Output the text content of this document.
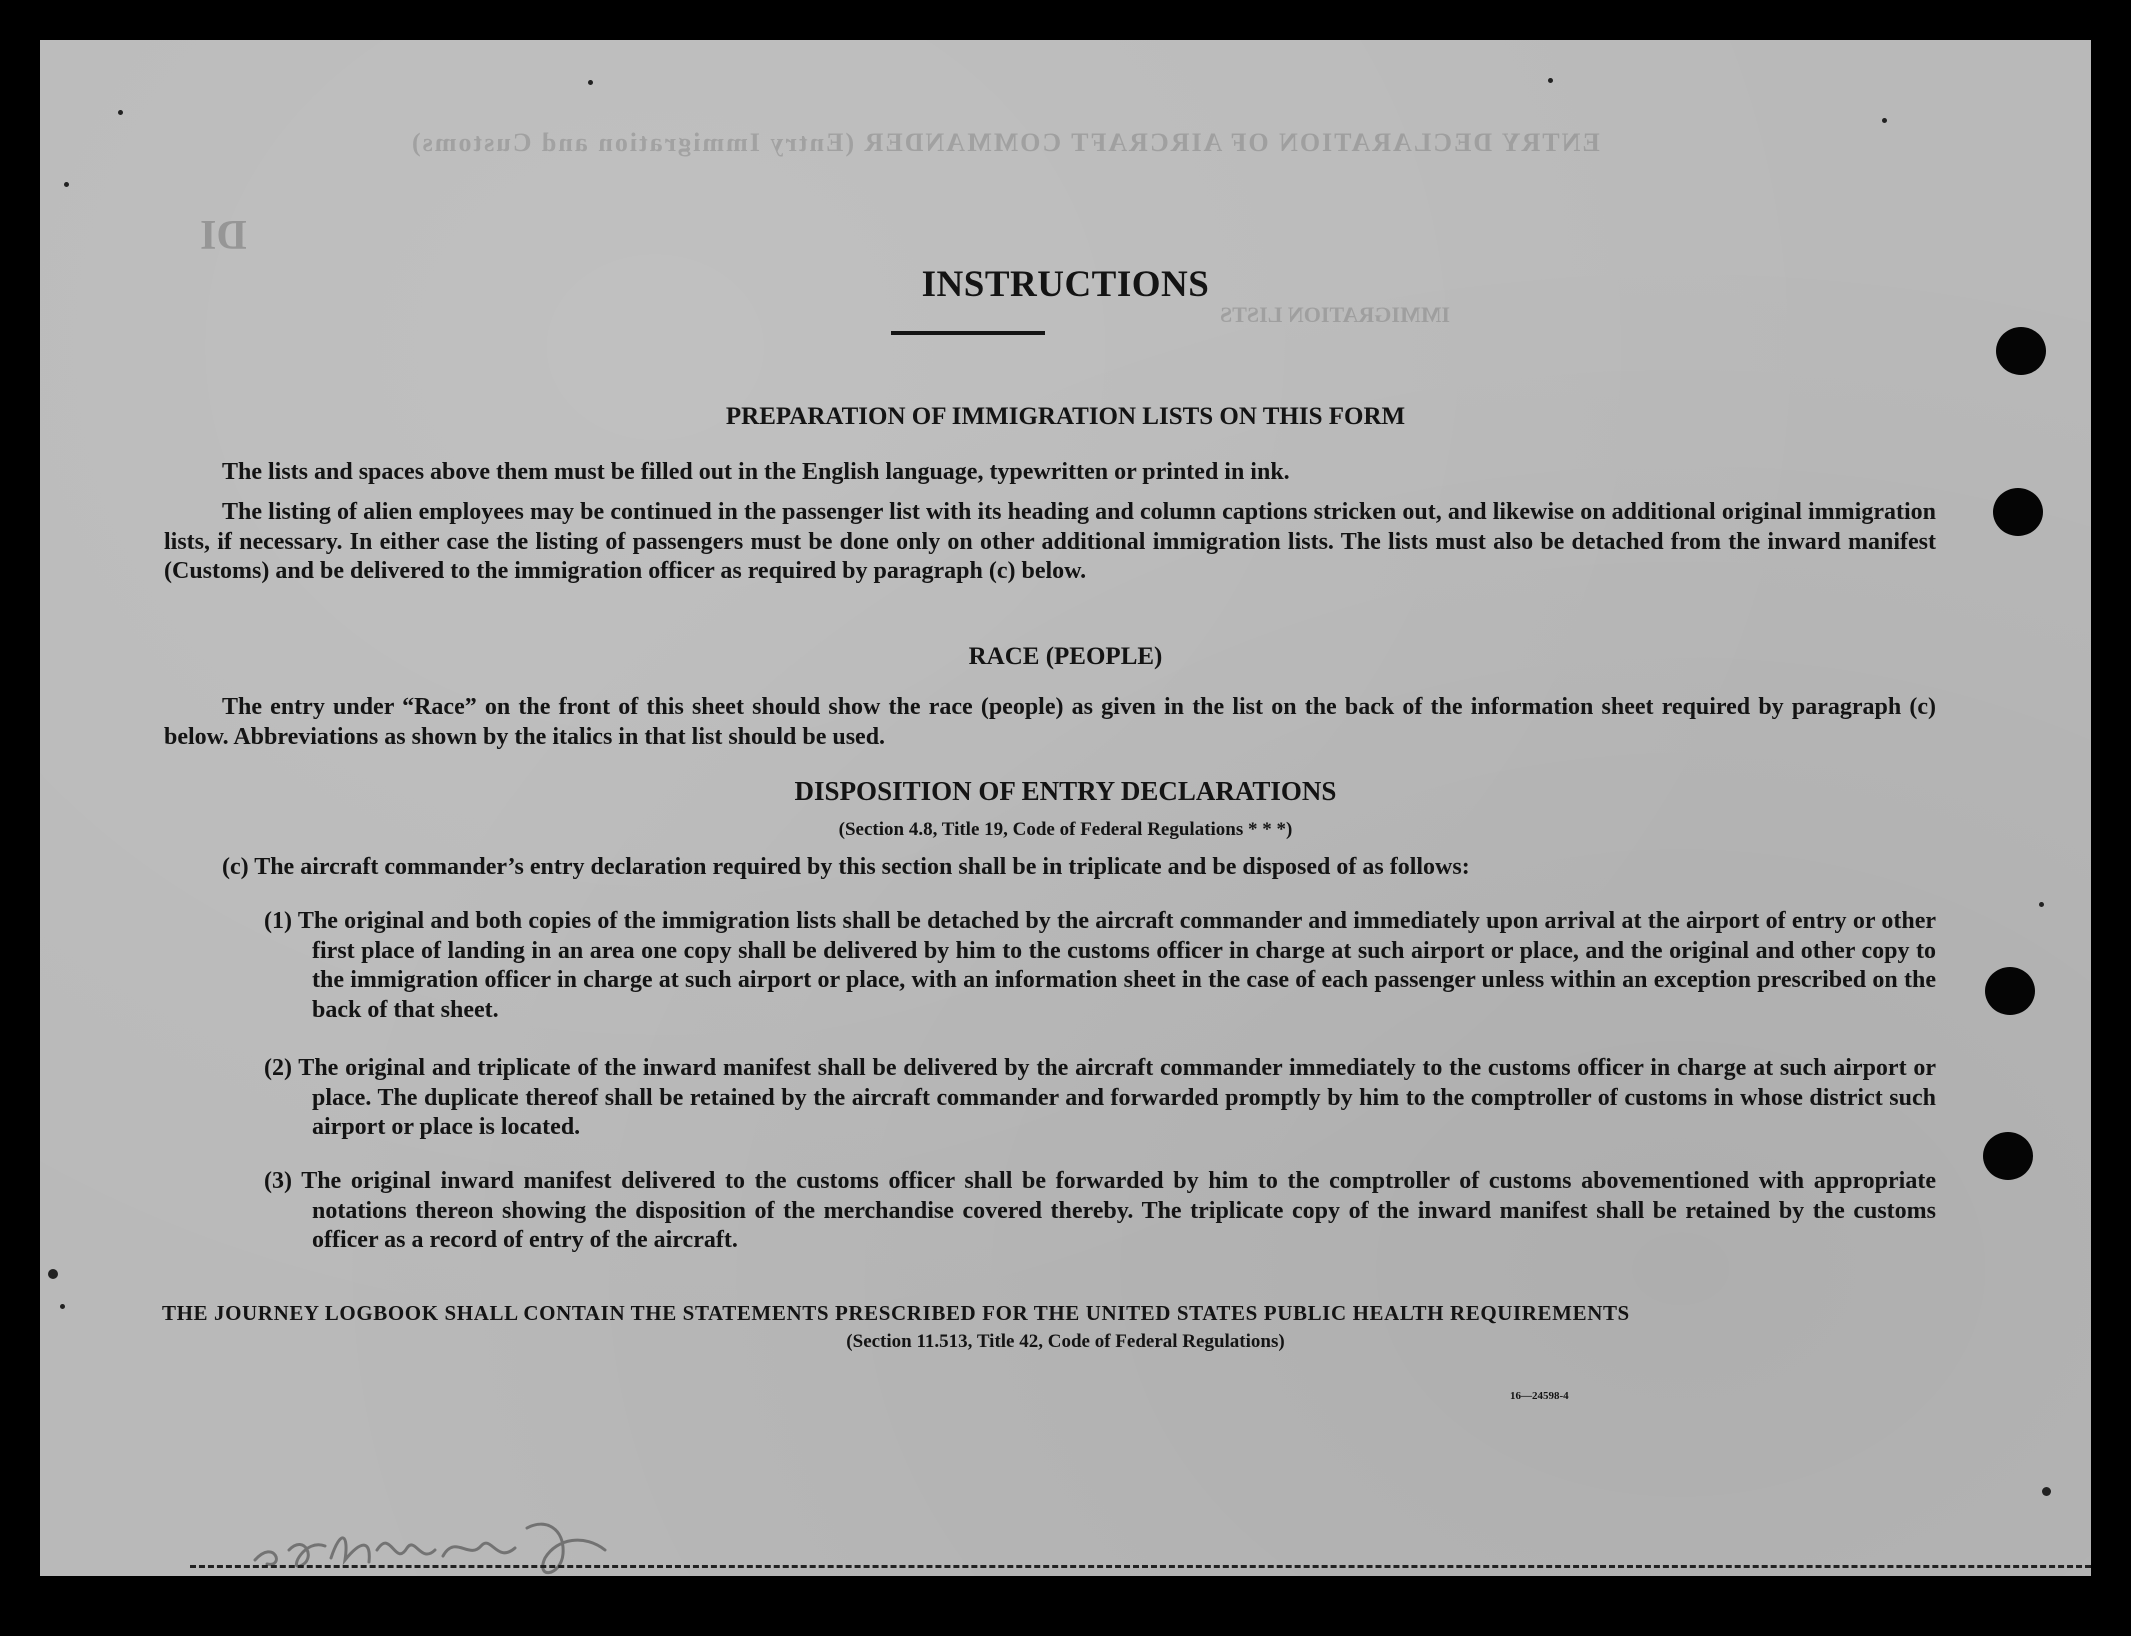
ENTRY DECLARATION OF AIRCRAFT COMMANDER (Entry Immigration and Customs)
IMMIGRATION LISTS
DI
INSTRUCTIONS

PREPARATION OF IMMIGRATION LISTS ON THIS FORM

The lists and spaces above them must be filled out in the English language, typewritten or printed in ink.

The listing of alien employees may be continued in the passenger list with its heading and column captions stricken out, and likewise on additional original immigration lists, if necessary. In either case the listing of passengers must be done only on other additional immigration lists. The lists must also be detached from the inward manifest (Customs) and be delivered to the immigration officer as required by paragraph (c) below.

RACE (PEOPLE)

The entry under “Race” on the front of this sheet should show the race (people) as given in the list on the back of the information sheet required by paragraph (c) below. Abbreviations as shown by the italics in that list should be used.

DISPOSITION OF ENTRY DECLARATIONS

(Section 4.8, Title 19, Code of Federal Regulations * * *)

(c) The aircraft commander’s entry declaration required by this section shall be in triplicate and be disposed of as follows:

(1) The original and both copies of the immigration lists shall be detached by the aircraft commander and immediately upon arrival at the airport of entry or other first place of landing in an area one copy shall be delivered by him to the customs officer in charge at such airport or place, and the original and other copy to the immigration officer in charge at such airport or place, with an information sheet in the case of each passenger unless within an exception prescribed on the back of that sheet.

(2) The original and triplicate of the inward manifest shall be delivered by the aircraft commander immediately to the customs officer in charge at such airport or place. The duplicate thereof shall be retained by the aircraft commander and forwarded promptly by him to the comptroller of customs in whose district such airport or place is located.

(3) The original inward manifest delivered to the customs officer shall be forwarded by him to the comptroller of customs abovementioned with appropriate notations thereon showing the disposition of the merchandise covered thereby. The triplicate copy of the inward manifest shall be retained by the customs officer as a record of entry of the aircraft.

THE JOURNEY LOGBOOK SHALL CONTAIN THE STATEMENTS PRESCRIBED FOR THE UNITED STATES PUBLIC HEALTH REQUIREMENTS

(Section 11.513, Title 42, Code of Federal Regulations)

16—24598-4
